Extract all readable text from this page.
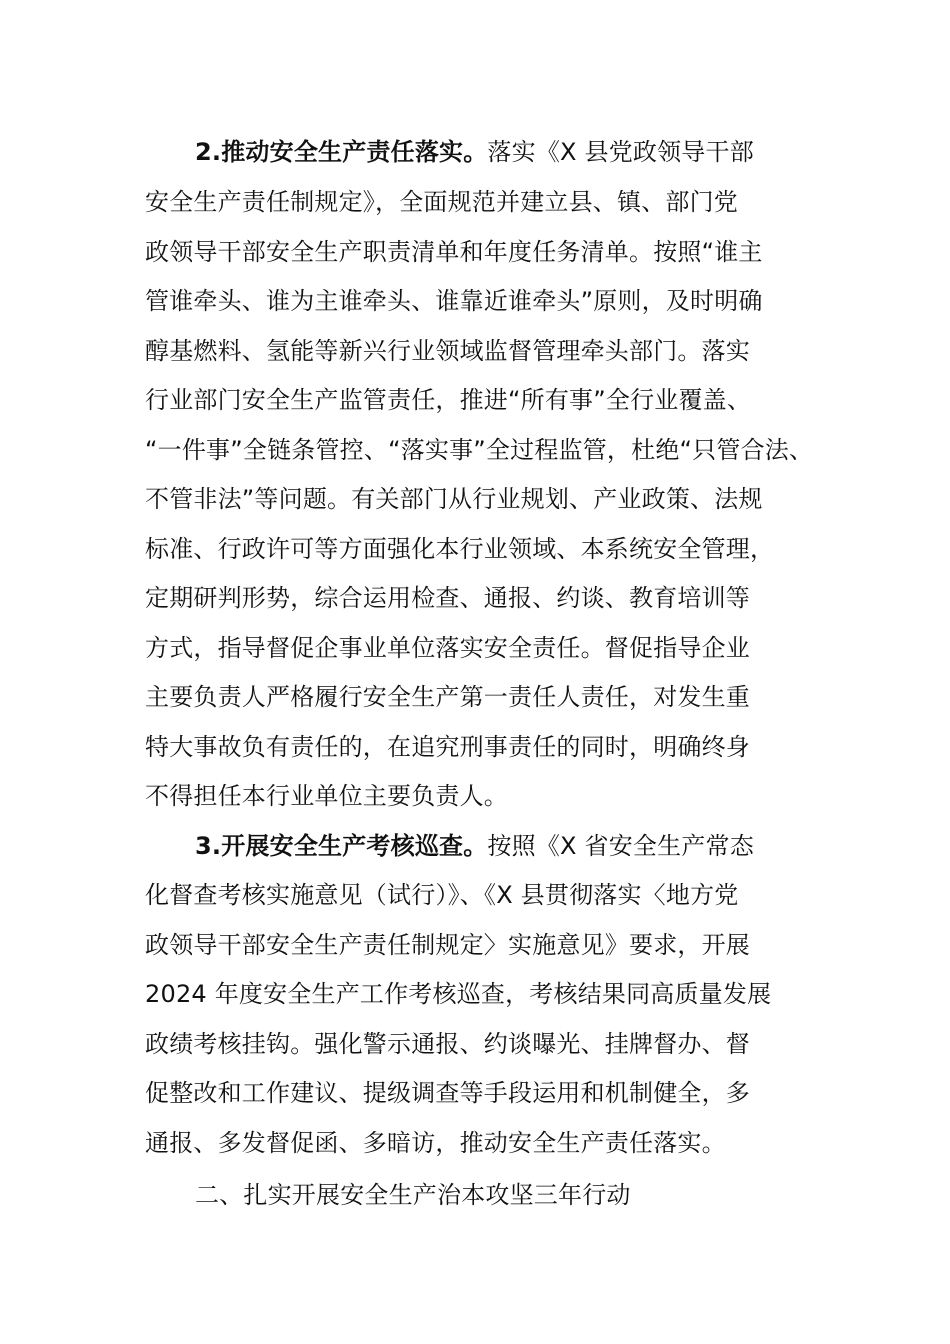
2.推动安全生产责任落实。落实《X 县党政领导干部
安全生产责任制规定》，全面规范并建立县、镇、部门党
政领导干部安全生产职责清单和年度任务清单。按照“谁主
管谁牵头、谁为主谁牵头、谁靠近谁牵头”原则，及时明确
醇基燃料、氢能等新兴行业领域监督管理牵头部门。落实
行业部门安全生产监管责任，推进“所有事”全行业覆盖、
“一件事”全链条管控、“落实事”全过程监管，杜绝“只管合法、
不管非法”等问题。有关部门从行业规划、产业政策、法规
标准、行政许可等方面强化本行业领域、本系统安全管理，
定期研判形势，综合运用检查、通报、约谈、教育培训等
方式，指导督促企事业单位落实安全责任。督促指导企业
主要负责人严格履行安全生产第一责任人责任，对发生重
特大事故负有责任的，在追究刑事责任的同时，明确终身
不得担任本行业单位主要负责人。
3.开展安全生产考核巡查。按照《X 省安全生产常态
化督查考核实施意见（试行）》、《X 县贯彻落实〈地方党
政领导干部安全生产责任制规定〉实施意见》要求，开展
2024 年度安全生产工作考核巡查，考核结果同高质量发展
政绩考核挂钩。强化警示通报、约谈曝光、挂牌督办、督
促整改和工作建议、提级调查等手段运用和机制健全，多
通报、多发督促函、多暗访，推动安全生产责任落实。
二、扎实开展安全生产治本攻坚三年行动
